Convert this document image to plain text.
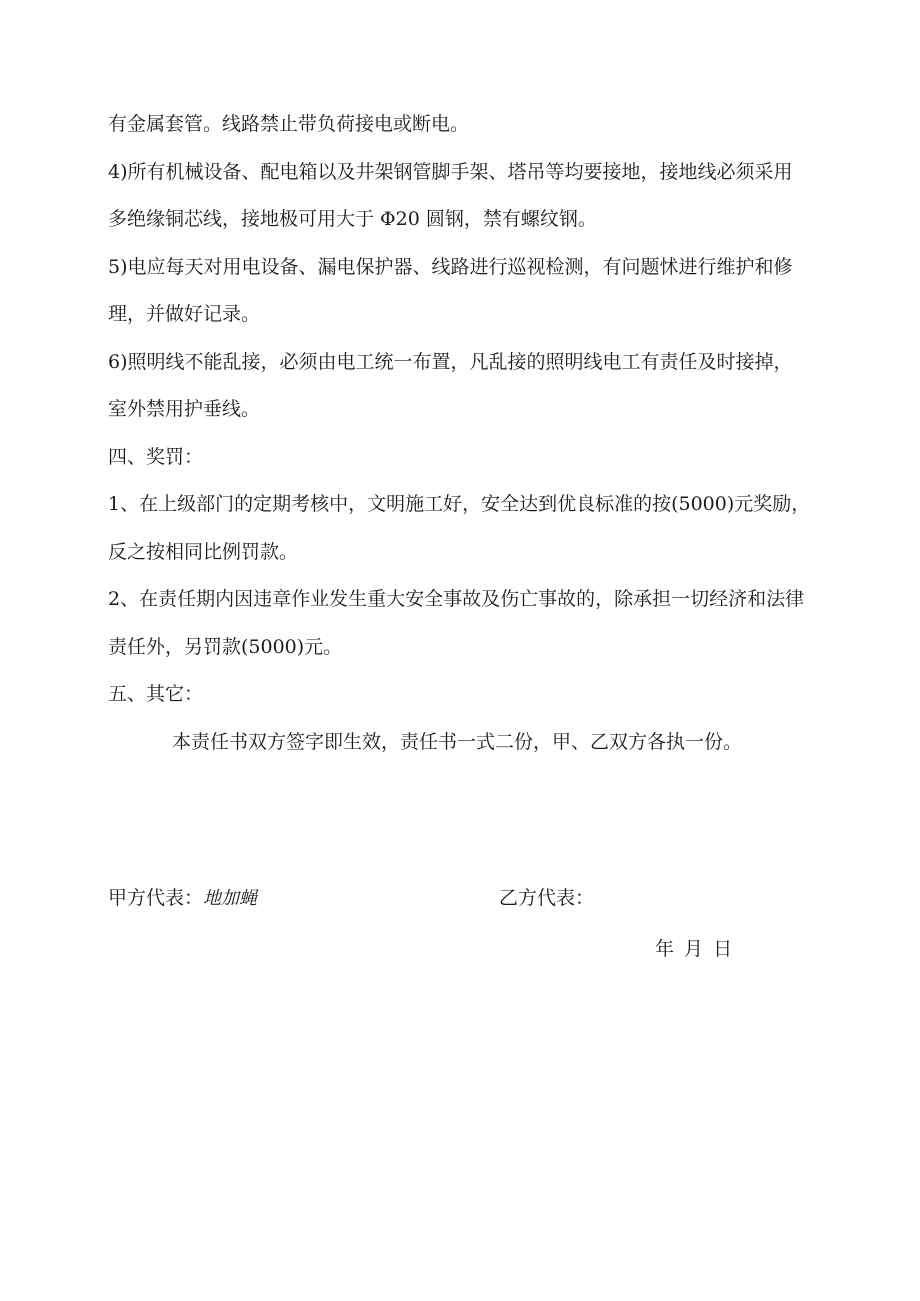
有金属套管。线路禁止带负荷接电或断电。
4)所有机械设备、配电箱以及井架钢管脚手架、塔吊等均要接地，接地线必须采用
多绝缘铜芯线，接地极可用大于 Φ20 圆钢，禁有螺纹钢。
5)电应每天对用电设备、漏电保护器、线路进行巡视检测，有问题怵进行维护和修
理，并做好记录。
6)照明线不能乱接，必须由电工统一布置，凡乱接的照明线电工有责任及时接掉，
室外禁用护垂线。
四、奖罚：
1、在上级部门的定期考核中，文明施工好，安全达到优良标准的按(5000)元奖励，
反之按相同比例罚款。
2、在责任期内因违章作业发生重大安全事故及伤亡事故的，除承担一切经济和法律
责任外，另罚款(5000)元。
五、其它：
本责任书双方签字即生效，责任书一式二份，甲、乙双方各执一份。
甲方代表：地加蝇	乙方代表：
年 月 日
